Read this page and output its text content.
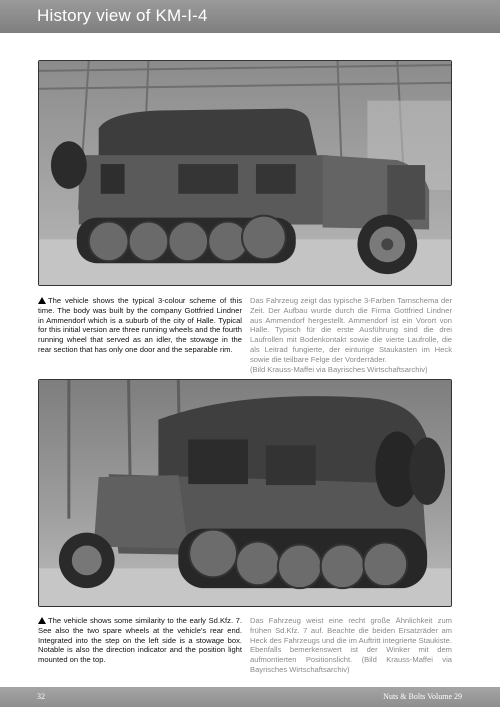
History view of KM-I-4
The vehicle shows the typical 3-colour scheme of this time. The body was built by the company Gottfried Lindner in Ammendorf which is a suburb of the city of Halle. Typical for this initial version are three running wheels and the fourth running wheel that served as an idler, the stowage in the rear section that has only one door and the separable rim.
Das Fahrzeug zeigt das typische 3-Farben Tarnschema der Zeit. Der Aufbau wurde durch die Firma Gottfried Lindner aus Ammendorf hergestellt. Ammendorf ist ein Vorort von Halle. Typisch für die erste Ausführung sind die drei Laufrollen mit Bodenkontakt sowie die vierte Laufrolle, die als Leitrad fungierte, der einturige Staukasten im Heck sowie die teilbare Felge der Vorderräder.
(Bild Krauss-Maffei via Bayrisches Wirtschaftsarchiv)
The vehicle shows some similarity to the early Sd.Kfz. 7. See also the two spare wheels at the vehicle's rear end. Integrated into the step on the left side is a stowage box. Notable is also the direction indicator and the position light mounted on the top.
Das Fahrzeug weist eine recht große Ähnlichkeit zum frühen Sd.Kfz. 7 auf. Beachte die beiden Ersatzräder am Heck des Fahrzeugs und die im Auftritt integrierte Staukiste. Ebenfalls bemerkenswert ist der Winker mit dem aufmontierten Positionslicht. (Bild Krauss-Maffei via Bayrisches Wirtschaftsarchiv)
32	Nuts & Bolts Volume 29
